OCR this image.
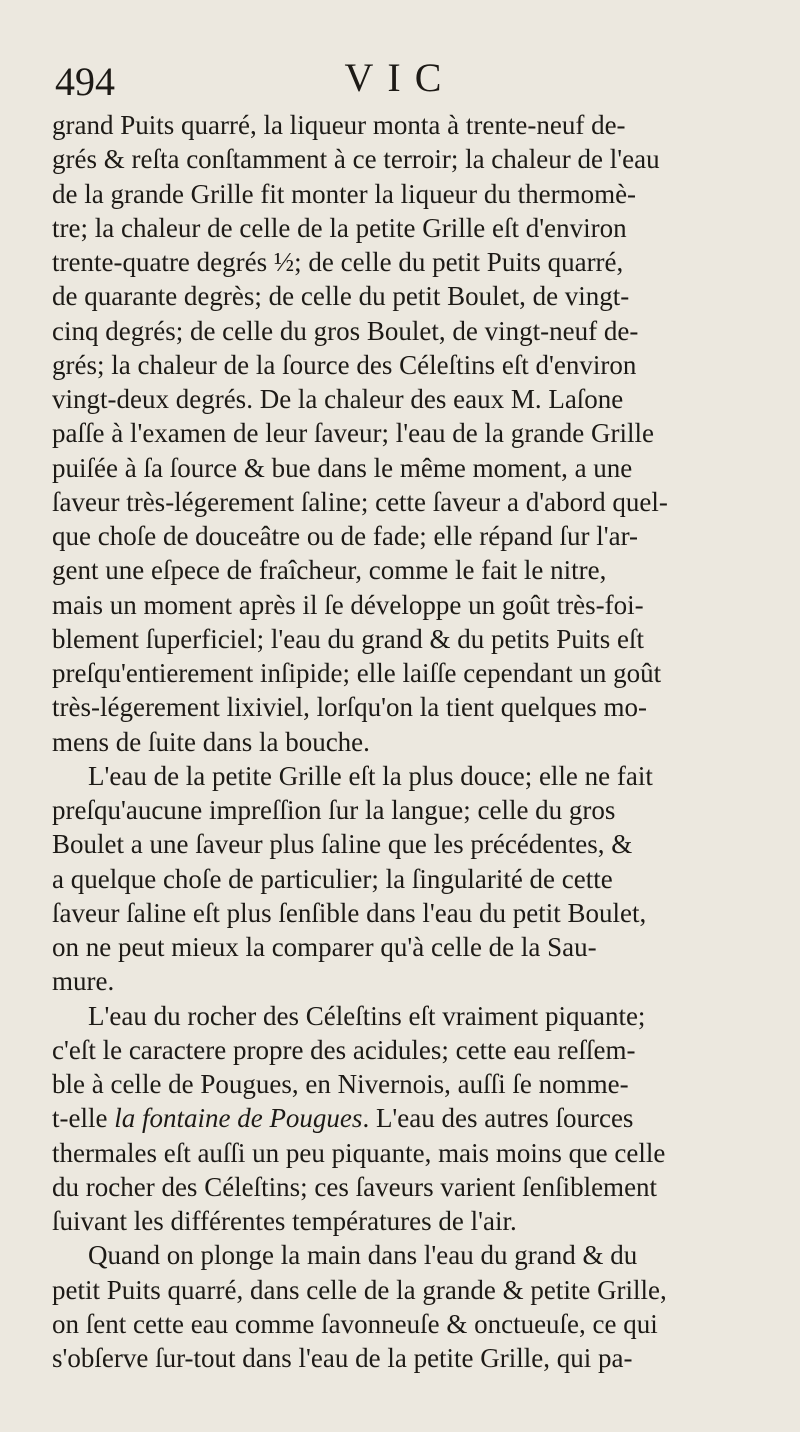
494	VIC
grand Puits quarré, la liqueur monta à trente-neuf de-
grés & reſta conſtamment à ce terroir; la chaleur de l'eau
de la grande Grille fit monter la liqueur du thermomè-
tre; la chaleur de celle de la petite Grille eſt d'environ
trente-quatre degrés ½; de celle du petit Puits quarré,
de quarante degrès; de celle du petit Boulet, de vingt-
cinq degrés; de celle du gros Boulet, de vingt-neuf de-
grés; la chaleur de la ſource des Céleſtins eſt d'environ
vingt-deux degrés. De la chaleur des eaux M. Laſone
paſſe à l'examen de leur ſaveur; l'eau de la grande Grille
puiſée à ſa ſource & bue dans le même moment, a une
ſaveur très-légerement ſaline; cette ſaveur a d'abord quel-
que choſe de douceâtre ou de fade; elle répand ſur l'ar-
gent une eſpece de fraîcheur, comme le fait le nitre,
mais un moment après il ſe développe un goût très-foi-
blement ſuperficiel; l'eau du grand & du petits Puits eſt
preſqu'entierement inſipide; elle laiſſe cependant un goût
très-légerement lixiviel, lorſqu'on la tient quelques mo-
mens de ſuite dans la bouche.
L'eau de la petite Grille eſt la plus douce; elle ne fait
preſqu'aucune impreſſion ſur la langue; celle du gros
Boulet a une ſaveur plus ſaline que les précédentes, &
a quelque choſe de particulier; la ſingularité de cette
ſaveur ſaline eſt plus ſenſible dans l'eau du petit Boulet,
on ne peut mieux la comparer qu'à celle de la Sau-
mure.
L'eau du rocher des Céleſtins eſt vraiment piquante;
c'eſt le caractere propre des acidules; cette eau reſſem-
ble à celle de Pougues, en Nivernois, auſſi ſe nomme-
t-elle la fontaine de Pougues. L'eau des autres ſources
thermales eſt auſſi un peu piquante, mais moins que celle
du rocher des Céleſtins; ces ſaveurs varient ſenſiblement
ſuivant les différentes températures de l'air.
Quand on plonge la main dans l'eau du grand & du
petit Puits quarré, dans celle de la grande & petite Grille,
on ſent cette eau comme ſavonneuſe & onctueuſe, ce qui
s'obſerve ſur-tout dans l'eau de la petite Grille, qui pa-
